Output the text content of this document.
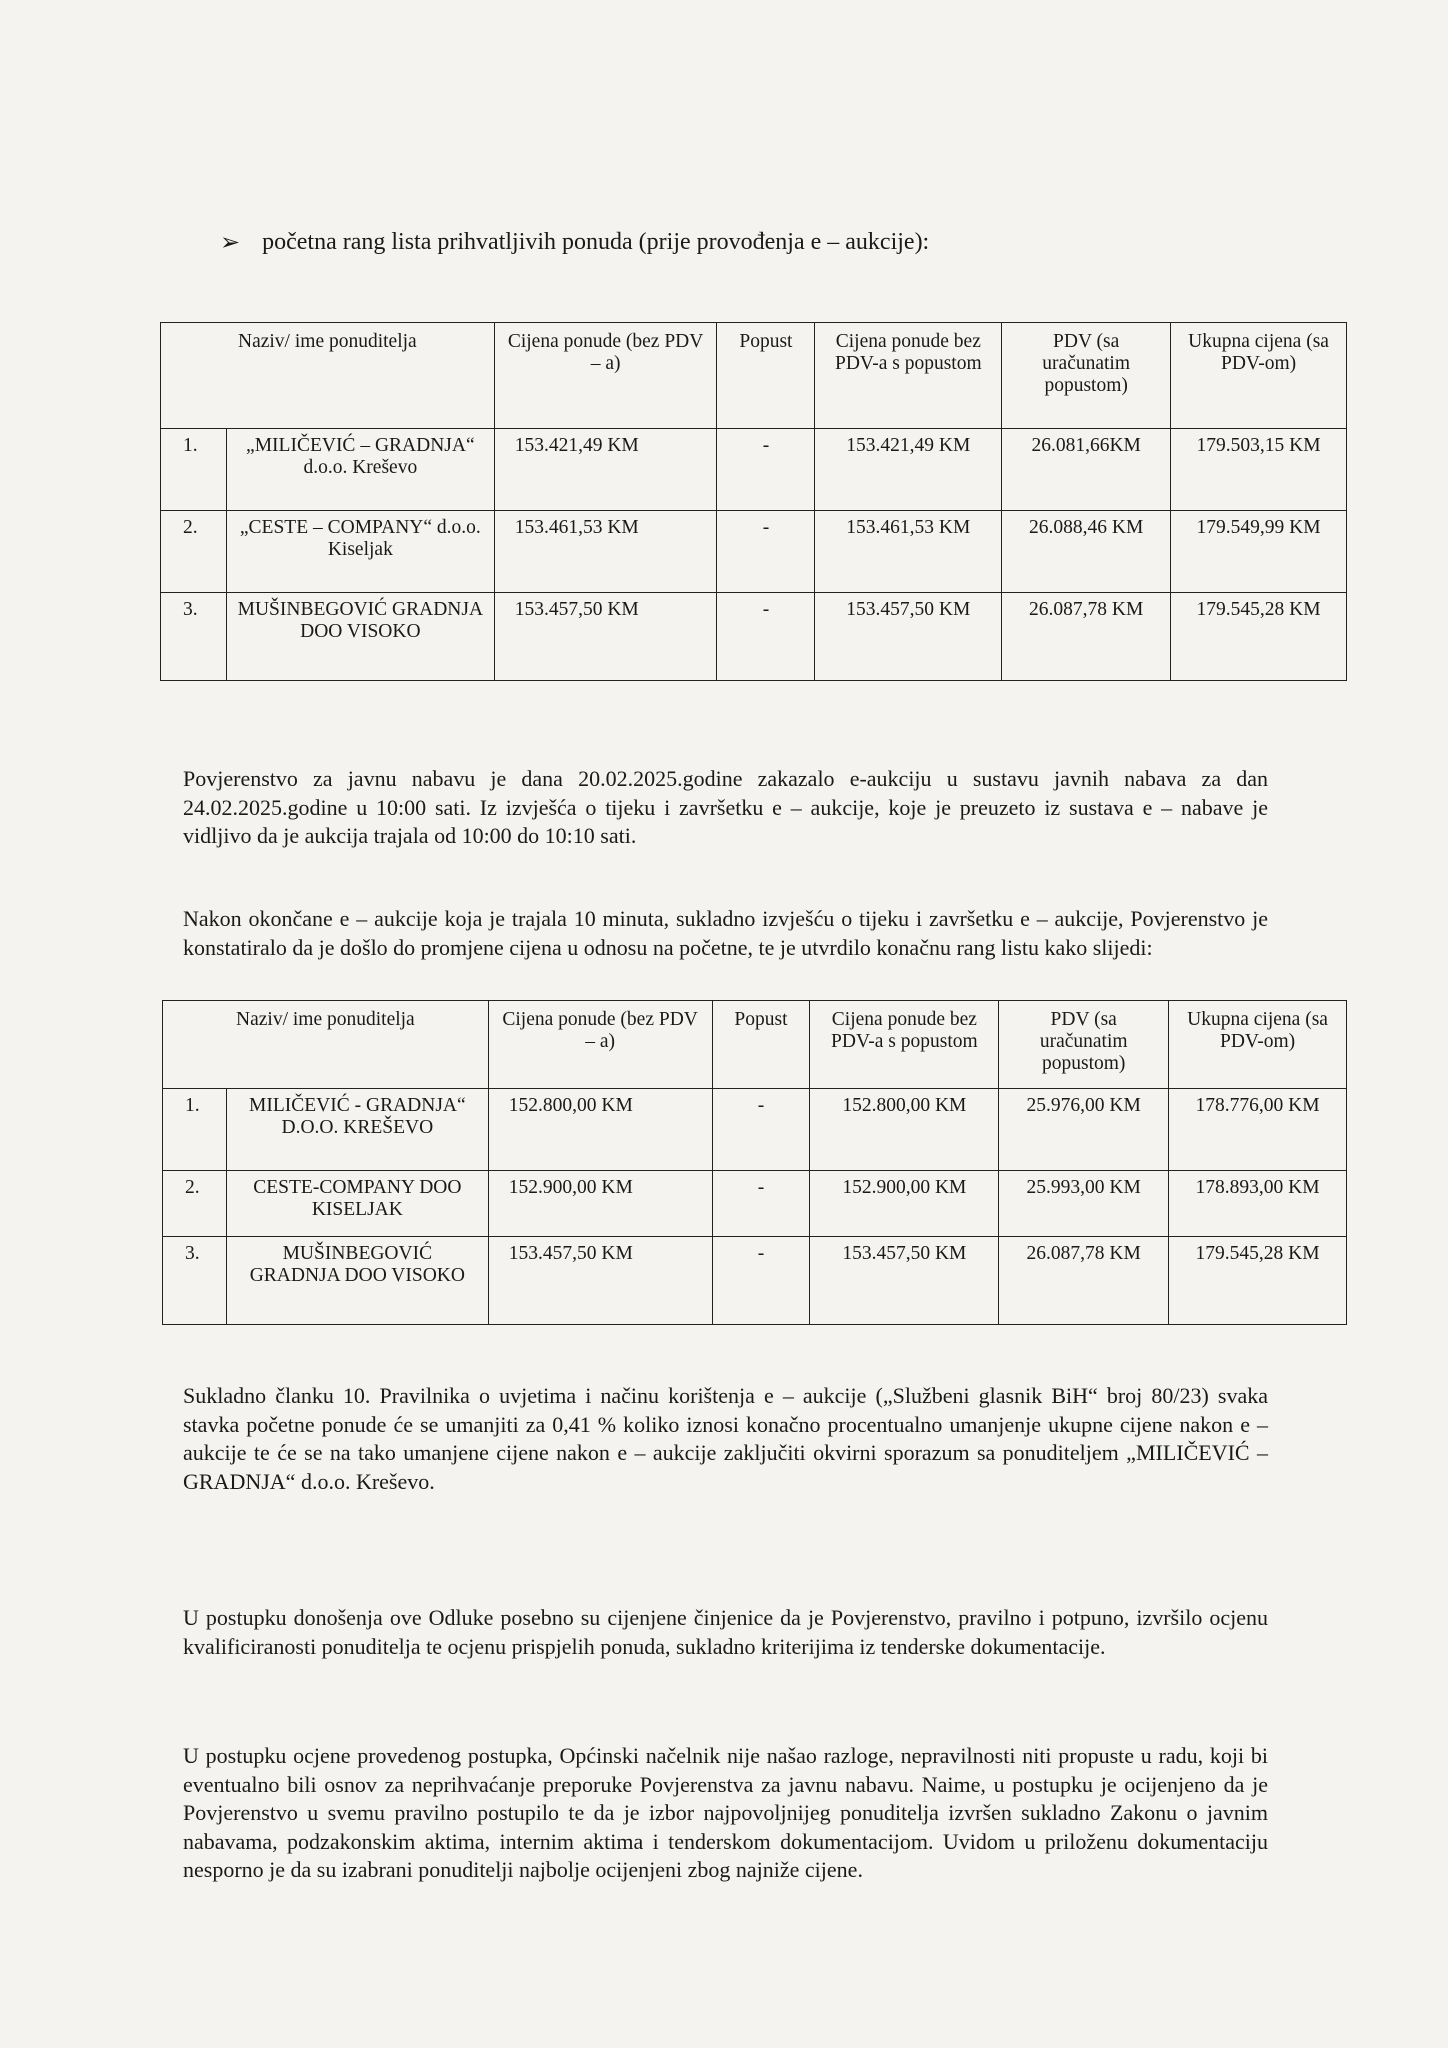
➢ početna rang lista prihvatljivih ponuda (prije provođenja e – aukcije):
Naziv/ ime ponuditelja	Cijena ponude (bez PDV – a)	Popust	Cijena ponude bez PDV-a s popustom	PDV (sa uračunatim popustom)	Ukupna cijena (sa PDV-om)
1.	„MILIČEVIĆ – GRADNJA“ d.o.o. Kreševo	153.421,49 KM	-	153.421,49 KM	26.081,66KM	179.503,15 KM
2.	„CESTE – COMPANY“ d.o.o. Kiseljak	153.461,53 KM	-	153.461,53 KM	26.088,46 KM	179.549,99 KM
3.	MUŠINBEGOVIĆ GRADNJA DOO VISOKO	153.457,50 KM	-	153.457,50 KM	26.087,78 KM	179.545,28 KM

Povjerenstvo za javnu nabavu je dana 20.02.2025.godine zakazalo e-aukciju u sustavu javnih nabava za dan 24.02.2025.godine u 10:00 sati. Iz izvješća o tijeku i završetku e – aukcije, koje je preuzeto iz sustava e – nabave je vidljivo da je aukcija trajala od 10:00 do 10:10 sati.

Nakon okončane e – aukcije koja je trajala 10 minuta, sukladno izvješću o tijeku i završetku e – aukcije, Povjerenstvo je konstatiralo da je došlo do promjene cijena u odnosu na početne, te je utvrdilo konačnu rang listu kako slijedi:

Naziv/ ime ponuditelja	Cijena ponude (bez PDV – a)	Popust	Cijena ponude bez PDV-a s popustom	PDV (sa uračunatim popustom)	Ukupna cijena (sa PDV-om)
1.	MILIČEVIĆ - GRADNJA“ D.O.O. KREŠEVO	152.800,00 KM	-	152.800,00 KM	25.976,00 KM	178.776,00 KM
2.	CESTE-COMPANY DOO KISELJAK	152.900,00 KM	-	152.900,00 KM	25.993,00 KM	178.893,00 KM
3.	MUŠINBEGOVIĆ GRADNJA DOO VISOKO	153.457,50 KM	-	153.457,50 KM	26.087,78 KM	179.545,28 KM

Sukladno članku 10. Pravilnika o uvjetima i načinu korištenja e – aukcije („Službeni glasnik BiH“ broj 80/23) svaka stavka početne ponude će se umanjiti za 0,41 % koliko iznosi konačno procentualno umanjenje ukupne cijene nakon e – aukcije te će se na tako umanjene cijene nakon e – aukcije zaključiti okvirni sporazum sa ponuditeljem „MILIČEVIĆ – GRADNJA“ d.o.o. Kreševo.

U postupku donošenja ove Odluke posebno su cijenjene činjenice da je Povjerenstvo, pravilno i potpuno, izvršilo ocjenu kvalificiranosti ponuditelja te ocjenu prispjelih ponuda, sukladno kriterijima iz tenderske dokumentacije.

U postupku ocjene provedenog postupka, Općinski načelnik nije našao razloge, nepravilnosti niti propuste u radu, koji bi eventualno bili osnov za neprihvaćanje preporuke Povjerenstva za javnu nabavu. Naime, u postupku je ocijenjeno da je Povjerenstvo u svemu pravilno postupilo te da je izbor najpovoljnijeg ponuditelja izvršen sukladno Zakonu o javnim nabavama, podzakonskim aktima, internim aktima i tenderskom dokumentacijom. Uvidom u priloženu dokumentaciju nesporno je da su izabrani ponuditelji najbolje ocijenjeni zbog najniže cijene.
